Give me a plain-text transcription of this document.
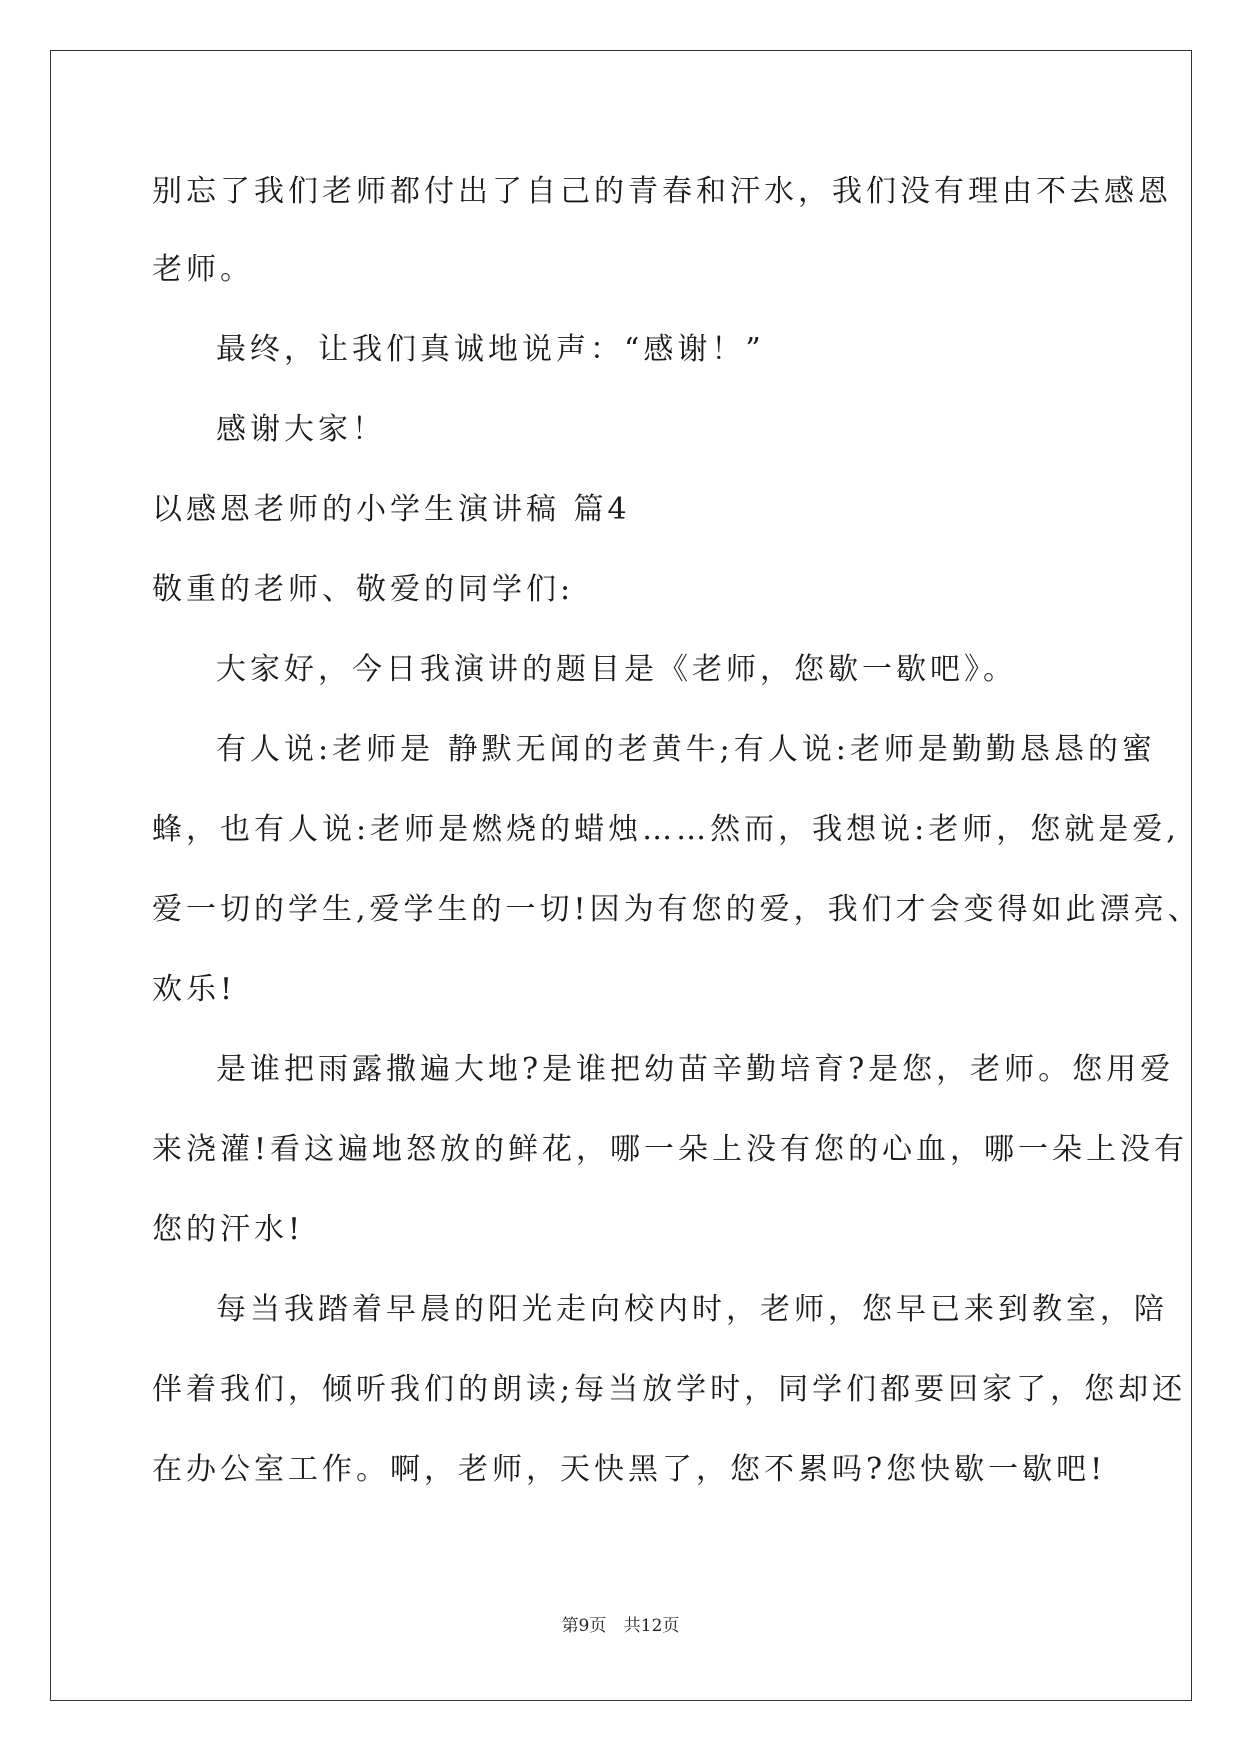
别忘了我们老师都付出了自己的青春和汗水，我们没有理由不去感恩
老师。
最终，让我们真诚地说声：“感谢！”
感谢大家！
以感恩老师的小学生演讲稿 篇4
敬重的老师、敬爱的同学们:
大家好，今日我演讲的题目是《老师，您歇一歇吧》。
有人说:老师是 静默无闻的老黄牛;有人说:老师是勤勤恳恳的蜜
蜂，也有人说:老师是燃烧的蜡烛……然而，我想说:老师，您就是爱,
爱一切的学生,爱学生的一切!因为有您的爱，我们才会变得如此漂亮、
欢乐!
是谁把雨露撒遍大地?是谁把幼苗辛勤培育?是您，老师。您用爱
来浇灌!看这遍地怒放的鲜花，哪一朵上没有您的心血，哪一朵上没有
您的汗水!
每当我踏着早晨的阳光走向校内时，老师，您早已来到教室，陪
伴着我们，倾听我们的朗读;每当放学时，同学们都要回家了，您却还
在办公室工作。啊，老师，天快黑了，您不累吗?您快歇一歇吧!
第9页 共12页
